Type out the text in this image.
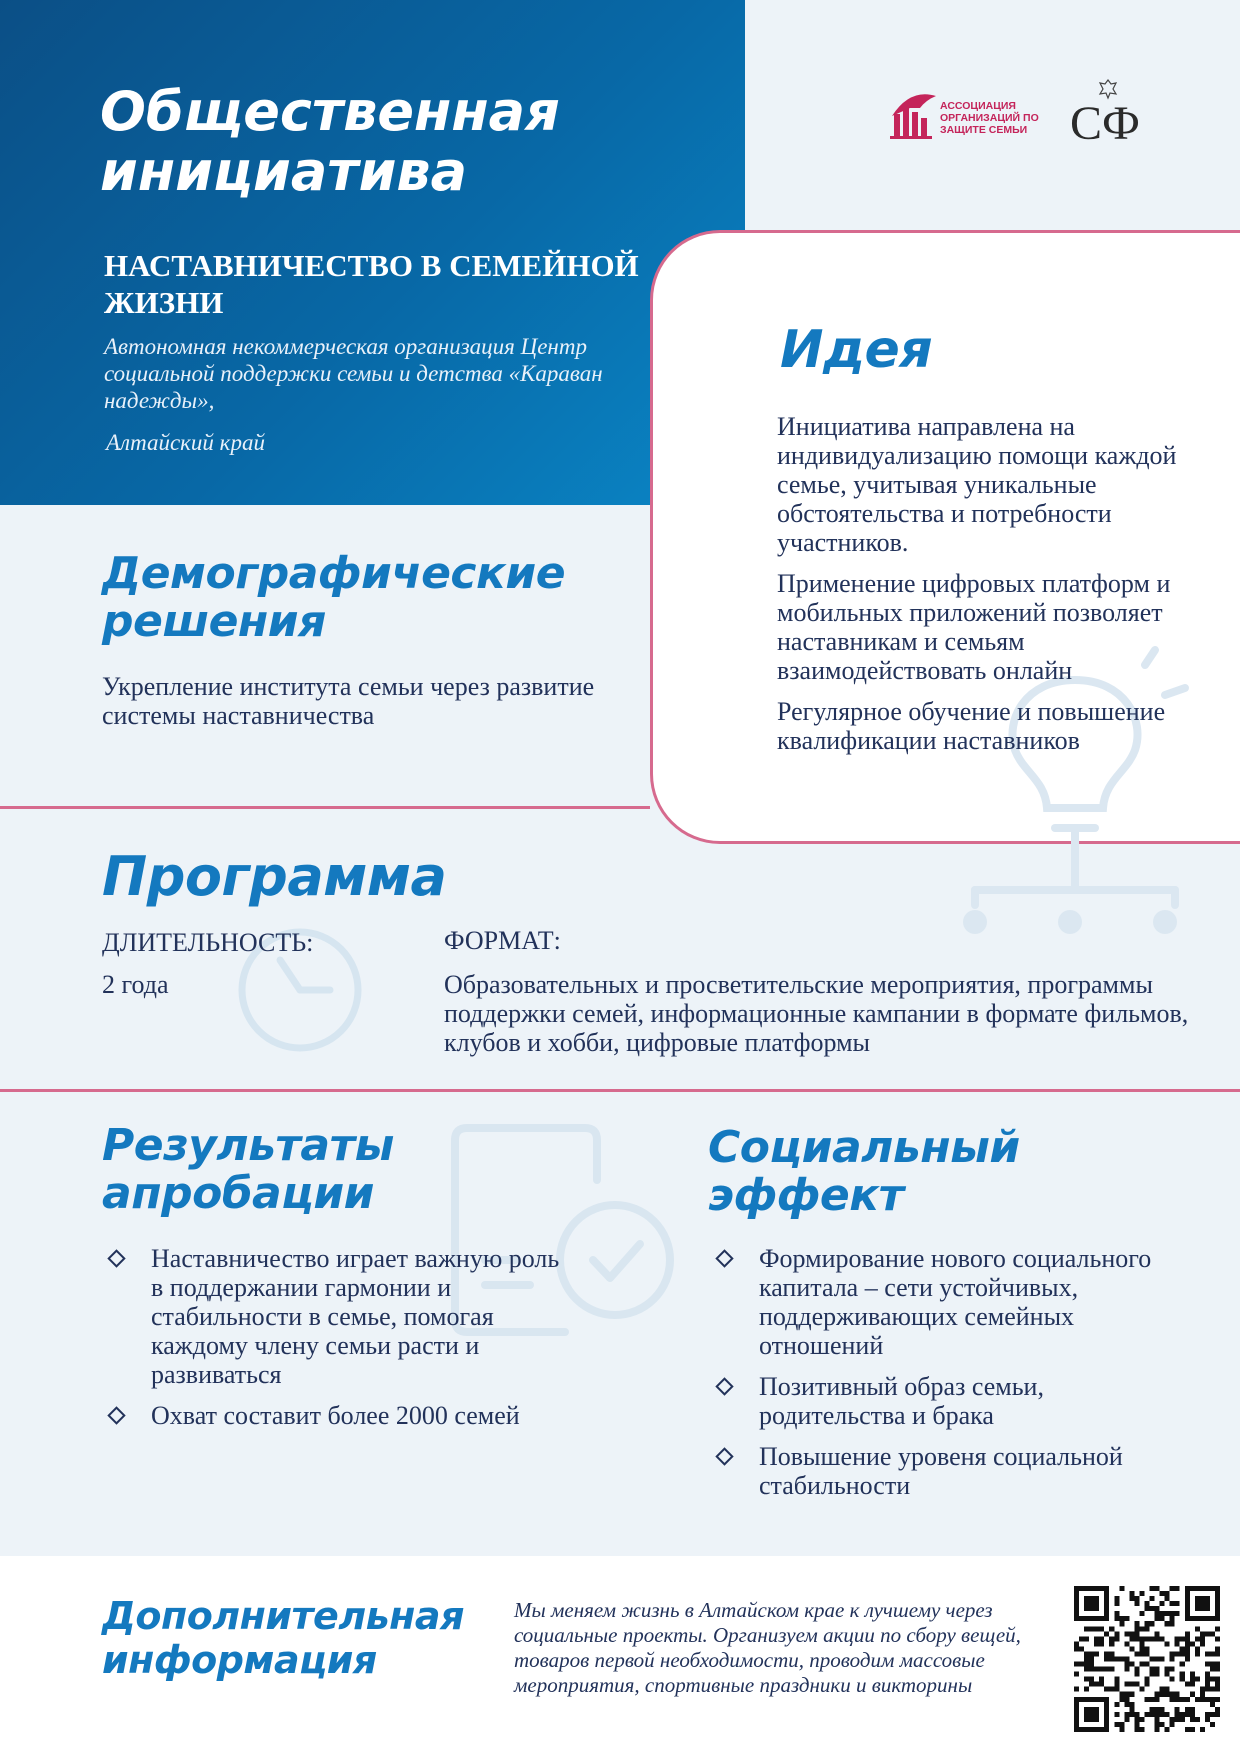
Общественная инициатива
НАСТАВНИЧЕСТВО В СЕМЕЙНОЙ ЖИЗНИ

Автономная некоммерческая организация Центр социальной поддержки семьи и детства «Караван надежды»,

Алтайский край

АССОЦИАЦИЯ ОРГАНИЗАЦИЙ ПО ЗАЩИТЕ СЕМЬИ СФ

Идея

Инициатива направлена на индивидуализацию помощи каждой семье, учитывая уникальные обстоятельства и потребности участников.

Применение цифровых платформ и мобильных приложений позволяет наставникам и семьям взаимодействовать онлайн

Регулярное обучение и повышение квалификации наставников

Демографические решения

Укрепление института семьи через развитие системы наставничества

Программа

ДЛИТЕЛЬНОСТЬ:

2 года

ФОРМАТ:

Образовательных и просветительские мероприятия, программы поддержки семей, информационные кампании в формате фильмов, клубов и хобби, цифровые платформы

Результаты апробации
Наставничество играет важную роль в поддержании гармонии и стабильности в семье, помогая каждому члену семьи расти и развиваться
Охват составит более 2000 семей
Социальный эффект
Формирование нового социального капитала – сети устойчивых, поддерживающих семейных отношений
Позитивный образ семьи, родительства и брака
Повышение уровеня социальной стабильности
Дополнительная информация

Мы меняем жизнь в Алтайском крае к лучшему через социальные проекты. Организуем акции по сбору вещей, товаров первой необходимости, проводим массовые мероприятия, спортивные праздники и викторины
